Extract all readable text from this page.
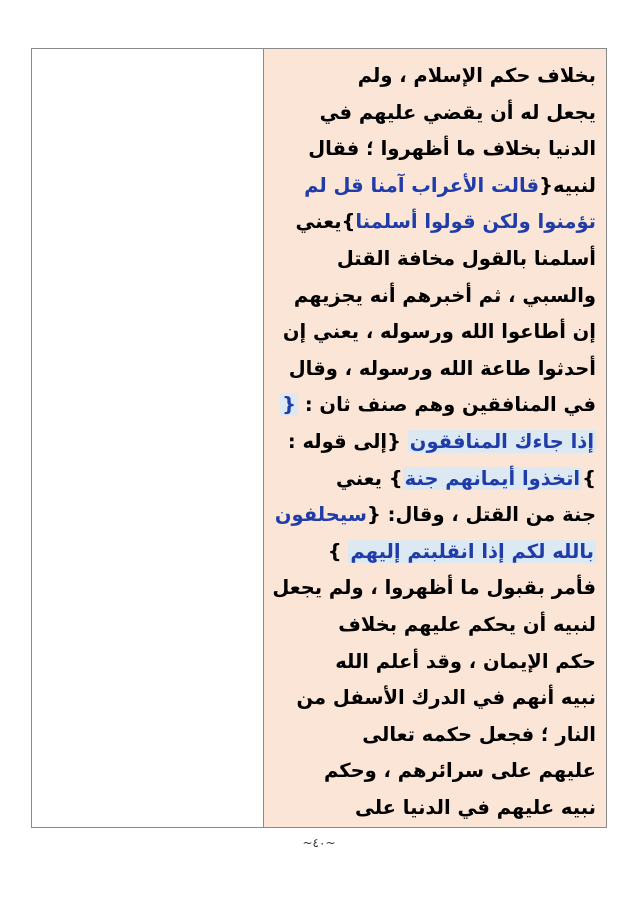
بخلاف حكم الإسلام ، ولم
يجعل له أن يقضي عليهم في
الدنيا بخلاف ما أظهروا ؛ فقال
لنبيه{قالت الأعراب آمنا قل لم
تؤمنوا ولكن قولوا أسلمنا}يعني
أسلمنا بالقول مخافة القتل
والسبي ، ثم أخبرهم أنه يجزيهم
إن أطاعوا الله ورسوله ، يعني إن
أحدثوا طاعة الله ورسوله ، وقال
في المنافقين وهم صنف ثان : {
إذا جاءك المنافقون {إلى قوله :
}اتخذوا أيمانهم جنة} يعني
جنة من القتل ، وقال: {سيحلفون
بالله لكم إذا انقلبتم إليهم }
فأمر بقبول ما أظهروا ، ولم يجعل
لنبيه أن يحكم عليهم بخلاف
حكم الإيمان ، وقد أعلم الله
نبيه أنهم في الدرك الأسفل من
النار ؛ فجعل حكمه تعالى
عليهم على سرائرهم ، وحكم
نبيه عليهم في الدنيا على
~٤٠~
